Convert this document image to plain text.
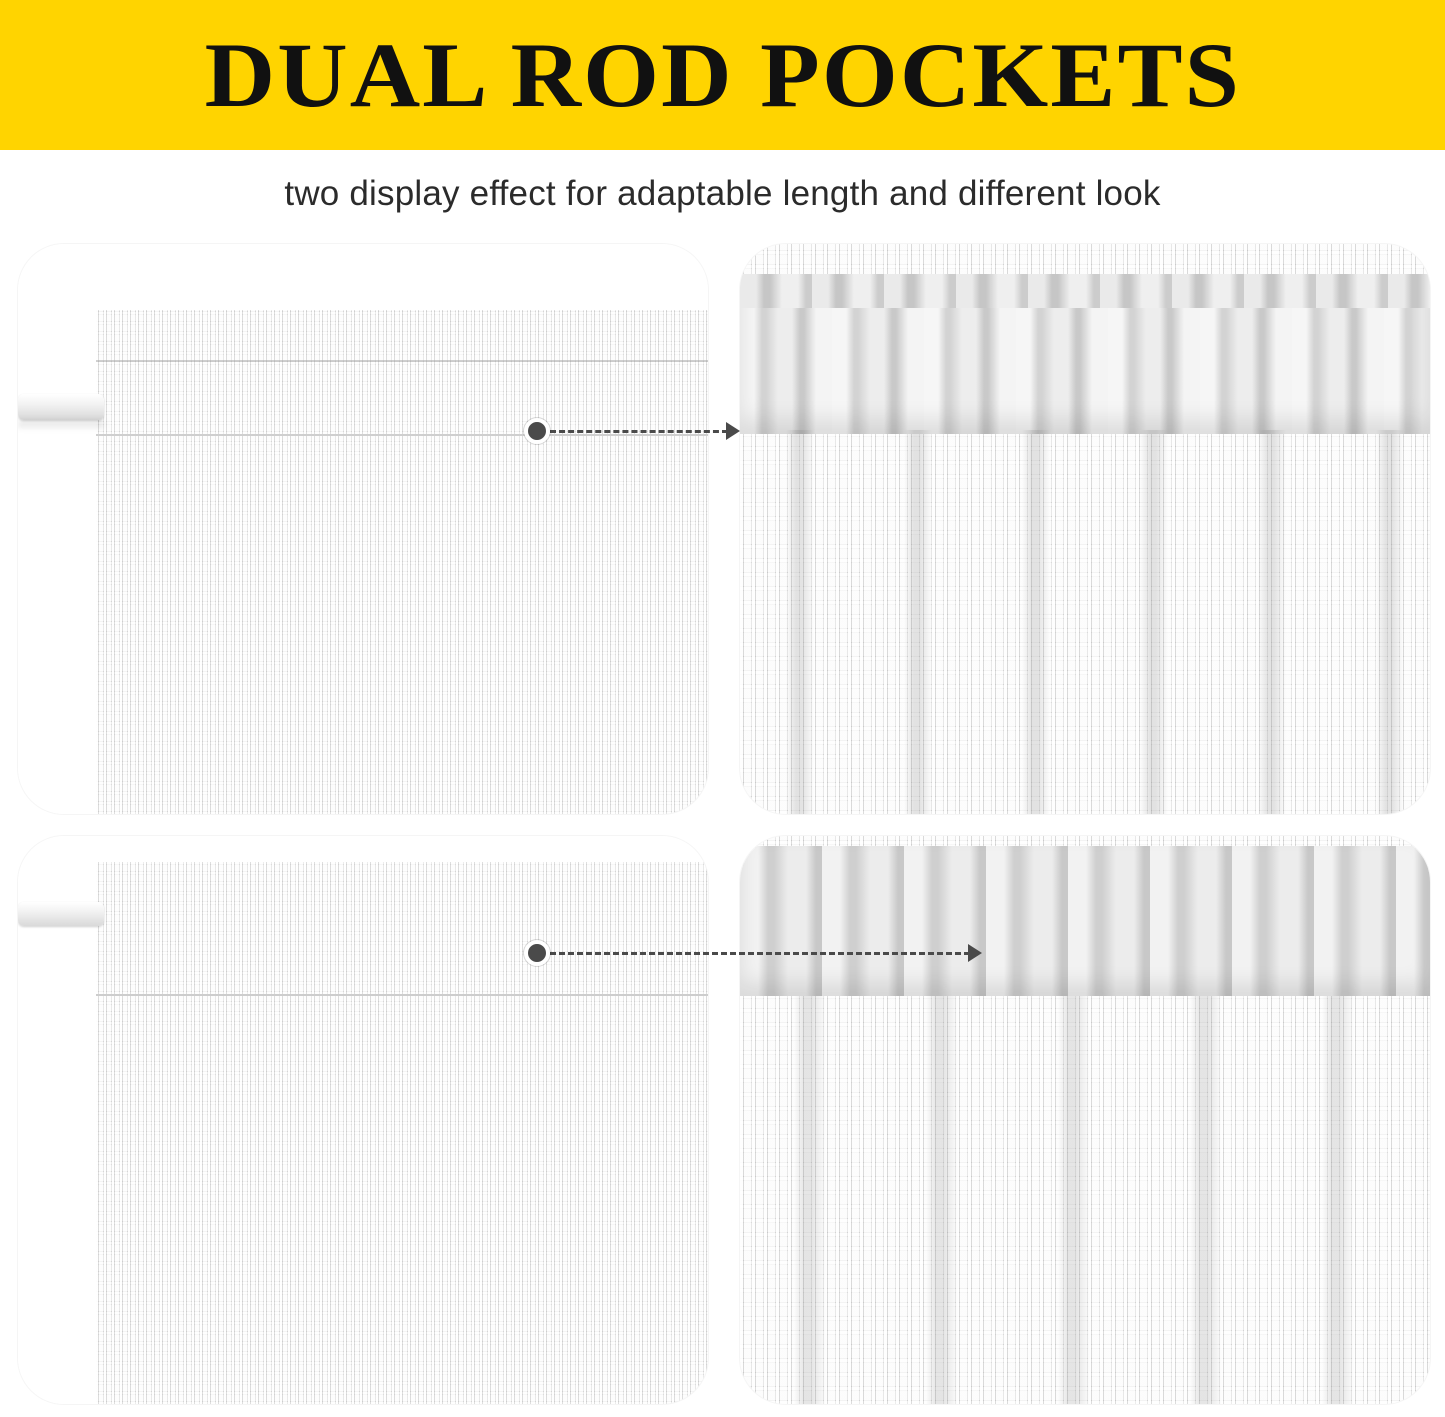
DUAL ROD POCKETS
two display effect for adaptable length and different look
